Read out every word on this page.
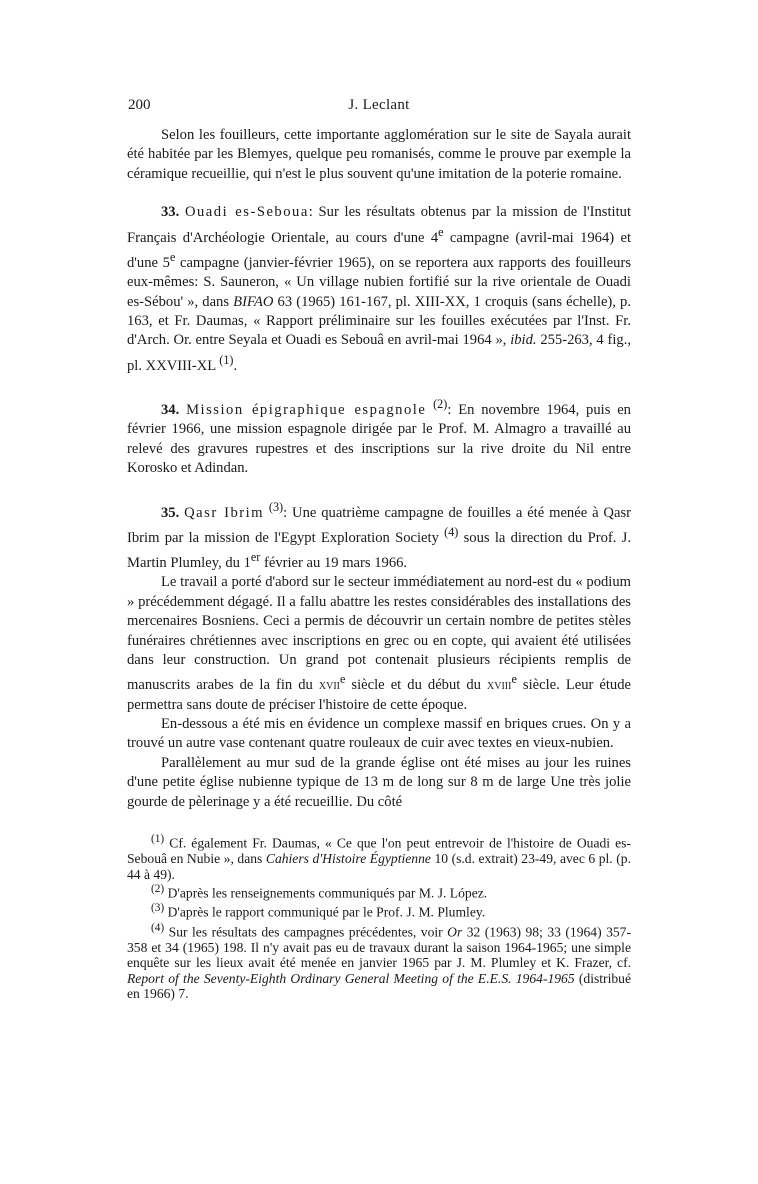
200	J. Leclant

Selon les fouilleurs, cette importante agglomération sur le site de Sayala aurait été habitée par les Blemyes, quelque peu romanisés, comme le prouve par exemple la céramique recueillie, qui n'est le plus souvent qu'une imitation de la poterie romaine.

33. Ouadi es-Seboua: Sur les résultats obtenus par la mission de l'Institut Français d'Archéologie Orientale, au cours d'une 4e campagne (avril-mai 1964) et d'une 5e campagne (janvier-février 1965), on se reportera aux rapports des fouilleurs eux-mêmes: S. Sauneron, « Un village nubien fortifié sur la rive orientale de Ouadi es-Sébou' », dans BIFAO 63 (1965) 161-167, pl. XIII-XX, 1 croquis (sans échelle), p. 163, et Fr. Daumas, « Rapport préliminaire sur les fouilles exécutées par l'Inst. Fr. d'Arch. Or. entre Seyala et Ouadi es Sebouâ en avril-mai 1964 », ibid. 255-263, 4 fig., pl. XXVIII-XL $^{(1)}$.

34. Mission épigraphique espagnole $^{(2)}$: En novembre 1964, puis en février 1966, une mission espagnole dirigée par le Prof. M. Almagro a travaillé au relevé des gravures rupestres et des inscriptions sur la rive droite du Nil entre Korosko et Adindan.

35. Qasr Ibrim $^{(3)}$: Une quatrième campagne de fouilles a été menée à Qasr Ibrim par la mission de l'Egypt Exploration Society $^{(4)}$ sous la direction du Prof. J. Martin Plumley, du 1er février au 19 mars 1966.

Le travail a porté d'abord sur le secteur immédiatement au nord-est du « podium » précédemment dégagé. Il a fallu abattre les restes considérables des installations des mercenaires Bosniens. Ceci a permis de découvrir un certain nombre de petites stèles funéraires chrétiennes avec inscriptions en grec ou en copte, qui avaient été utilisées dans leur construction. Un grand pot contenait plusieurs récipients remplis de manuscrits arabes de la fin du xvii$^e$ siècle et du début du xviii$^e$ siècle. Leur étude permettra sans doute de préciser l'histoire de cette époque.

En-dessous a été mis en évidence un complexe massif en briques crues. On y a trouvé un autre vase contenant quatre rouleaux de cuir avec textes en vieux-nubien.

Parallèlement au mur sud de la grande église ont été mises au jour les ruines d'une petite église nubienne typique de 13 m de long sur 8 m de large Une très jolie gourde de pèlerinage y a été recueillie. Du côté

$^{(1)}$ Cf. également Fr. Daumas, « Ce que l'on peut entrevoir de l'histoire de Ouadi es-Sebouâ en Nubie », dans Cahiers d'Histoire Égyptienne 10 (s.d. extrait) 23-49, avec 6 pl. (p. 44 à 49).

$^{(2)}$ D'après les renseignements communiqués par M. J. López.

$^{(3)}$ D'après le rapport communiqué par le Prof. J. M. Plumley.

$^{(4)}$ Sur les résultats des campagnes précédentes, voir Or 32 (1963) 98; 33 (1964) 357-358 et 34 (1965) 198. Il n'y avait pas eu de travaux durant la saison 1964-1965; une simple enquête sur les lieux avait été menée en janvier 1965 par J. M. Plumley et K. Frazer, cf. Report of the Seventy-Eighth Ordinary General Meeting of the E.E.S. 1964-1965 (distribué en 1966) 7.
